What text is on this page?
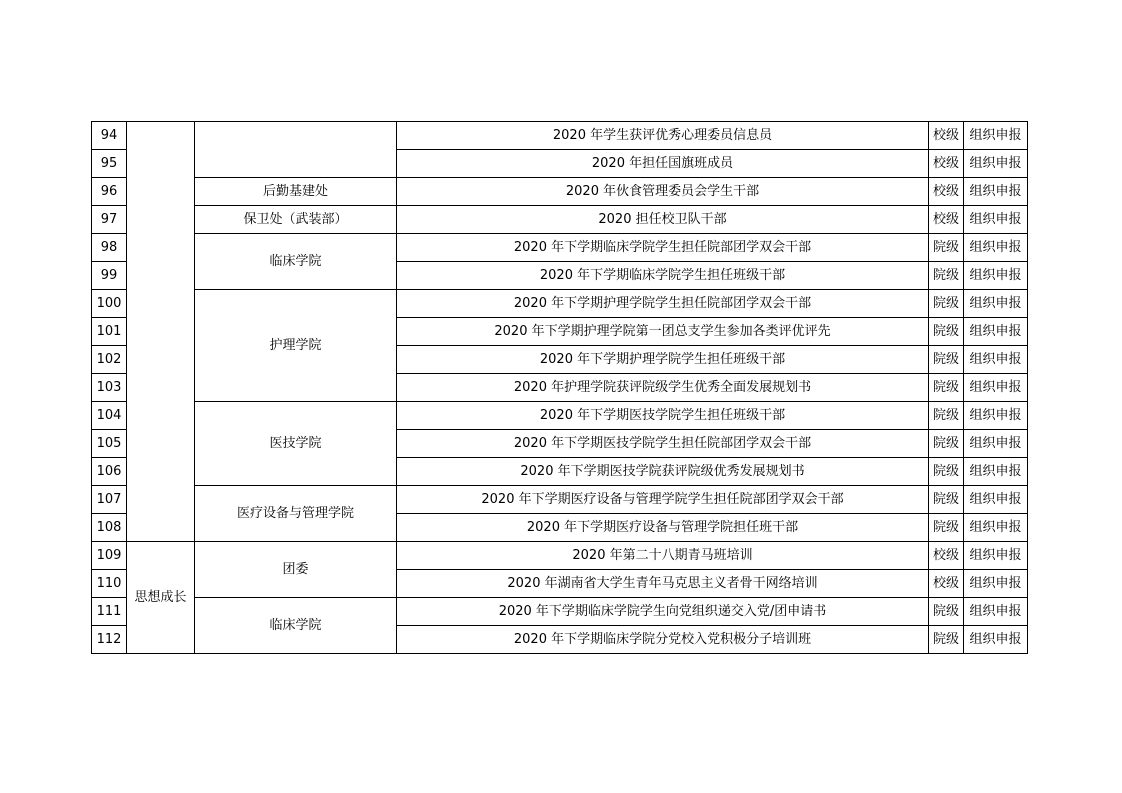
94			2020 年学生获评优秀心理委员信息员	校级	组织申报
95			2020 年担任国旗班成员	校级	组织申报
96		后勤基建处	2020 年伙食管理委员会学生干部	校级	组织申报
97		保卫处（武装部）	2020 担任校卫队干部	校级	组织申报
98		临床学院	2020 年下学期临床学院学生担任院部团学双会干部	院级	组织申报
99			2020 年下学期临床学院学生担任班级干部	院级	组织申报
100		护理学院	2020 年下学期护理学院学生担任院部团学双会干部	院级	组织申报
101			2020 年下学期护理学院第一团总支学生参加各类评优评先	院级	组织申报
102			2020 年下学期护理学院学生担任班级干部	院级	组织申报
103			2020 年护理学院获评院级学生优秀全面发展规划书	院级	组织申报
104		医技学院	2020 年下学期医技学院学生担任班级干部	院级	组织申报
105			2020 年下学期医技学院学生担任院部团学双会干部	院级	组织申报
106			2020 年下学期医技学院获评院级优秀发展规划书	院级	组织申报
107		医疗设备与管理学院	2020 年下学期医疗设备与管理学院学生担任院部团学双会干部	院级	组织申报
108			2020 年下学期医疗设备与管理学院担任班干部	院级	组织申报
109	思想成长	团委	2020 年第二十八期青马班培训	校级	组织申报
110			2020 年湖南省大学生青年马克思主义者骨干网络培训	校级	组织申报
111		临床学院	2020 年下学期临床学院学生向党组织递交入党/团申请书	院级	组织申报
112			2020 年下学期临床学院分党校入党积极分子培训班	院级	组织申报
